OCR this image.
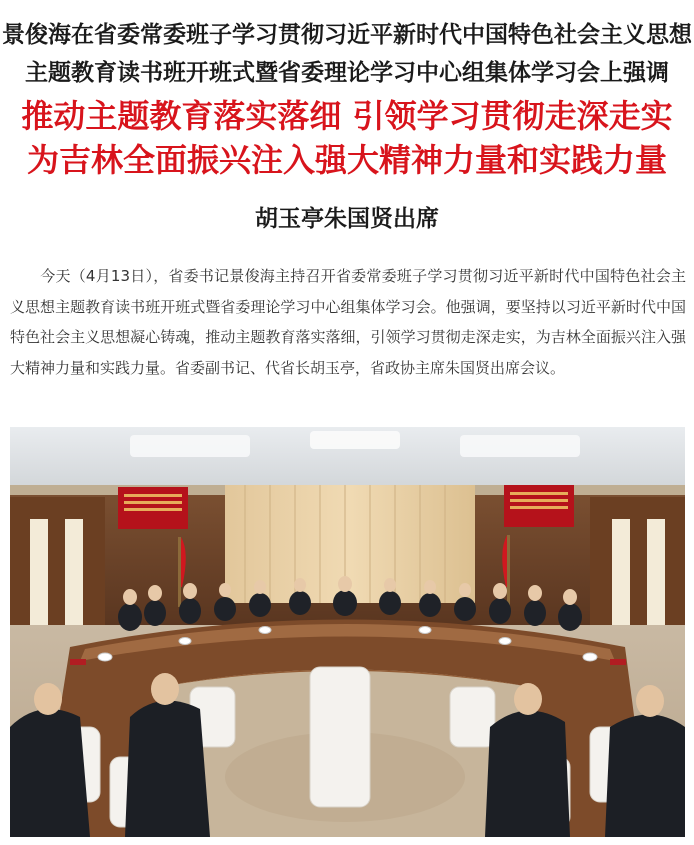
景俊海在省委常委班子学习贯彻习近平新时代中国特色社会主义思想
主题教育读书班开班式暨省委理论学习中心组集体学习会上强调
推动主题教育落实落细 引领学习贯彻走深走实
为吉林全面振兴注入强大精神力量和实践力量
胡玉亭朱国贤出席
今天（4月13日），省委书记景俊海主持召开省委常委班子学习贯彻习近平新时代中国特色社会主义思想主题教育读书班开班式暨省委理论学习中心组集体学习会。他强调，要坚持以习近平新时代中国特色社会主义思想凝心铸魂，推动主题教育落实落细，引领学习贯彻走深走实，为吉林全面振兴注入强大精神力量和实践力量。省委副书记、代省长胡玉亭，省政协主席朱国贤出席会议。
